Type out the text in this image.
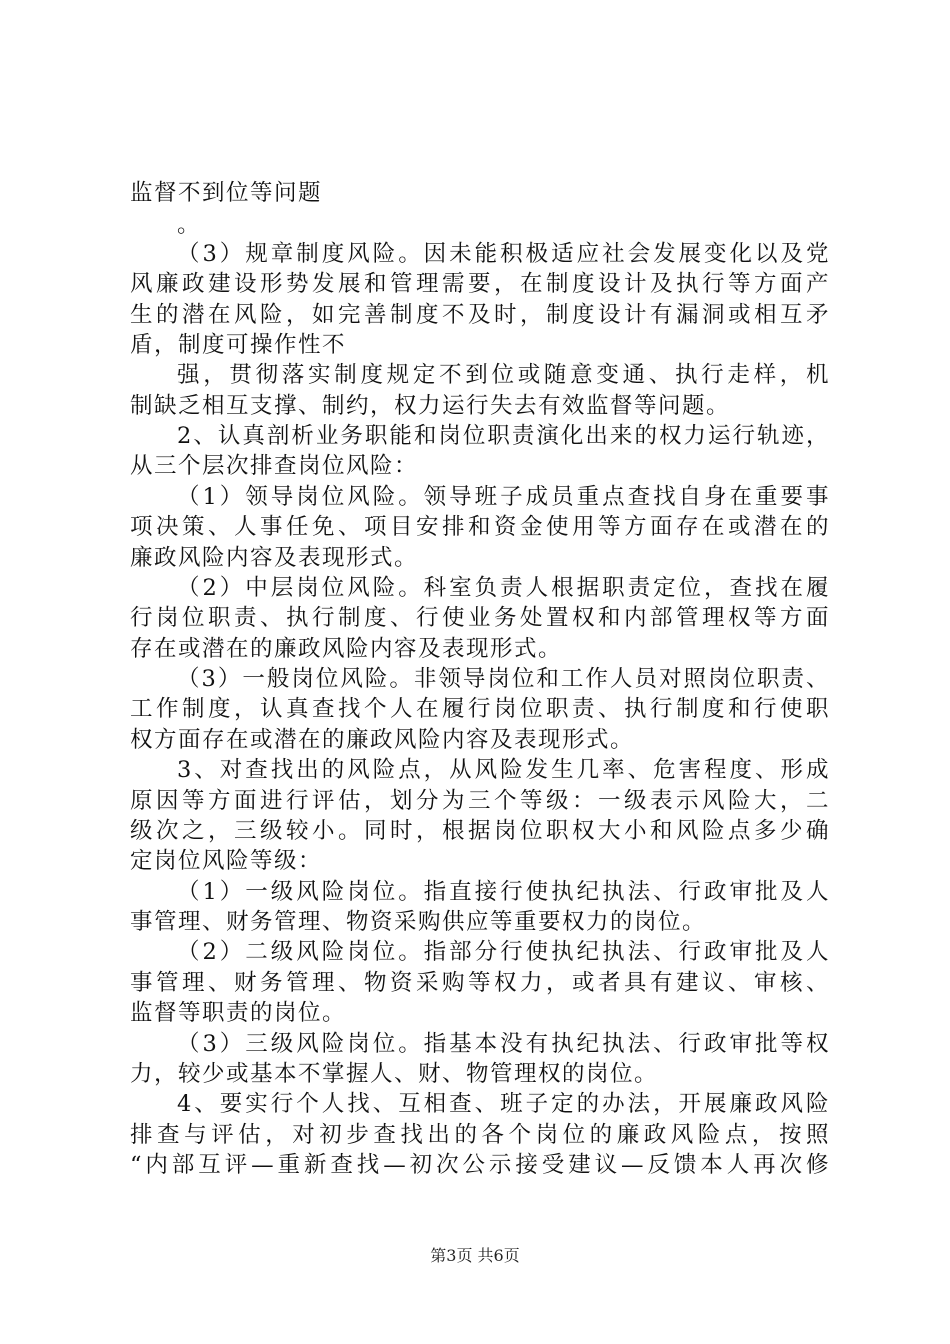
监督不到位等问题
。
（3）规章制度风险。因未能积极适应社会发展变化以及党
风廉政建设形势发展和管理需要，在制度设计及执行等方面产
生的潜在风险，如完善制度不及时，制度设计有漏洞或相互矛
盾，制度可操作性不
强，贯彻落实制度规定不到位或随意变通、执行走样，机
制缺乏相互支撑、制约，权力运行失去有效监督等问题。
2、认真剖析业务职能和岗位职责演化出来的权力运行轨迹，
从三个层次排查岗位风险：
（1）领导岗位风险。领导班子成员重点查找自身在重要事
项决策、人事任免、项目安排和资金使用等方面存在或潜在的
廉政风险内容及表现形式。
（2）中层岗位风险。科室负责人根据职责定位，查找在履
行岗位职责、执行制度、行使业务处置权和内部管理权等方面
存在或潜在的廉政风险内容及表现形式。
（3）一般岗位风险。非领导岗位和工作人员对照岗位职责、
工作制度，认真查找个人在履行岗位职责、执行制度和行使职
权方面存在或潜在的廉政风险内容及表现形式。
3、对查找出的风险点，从风险发生几率、危害程度、形成
原因等方面进行评估，划分为三个等级：一级表示风险大，二
级次之，三级较小。同时，根据岗位职权大小和风险点多少确
定岗位风险等级：
（1）一级风险岗位。指直接行使执纪执法、行政审批及人
事管理、财务管理、物资采购供应等重要权力的岗位。
（2）二级风险岗位。指部分行使执纪执法、行政审批及人
事管理、财务管理、物资采购等权力，或者具有建议、审核、
监督等职责的岗位。
（3）三级风险岗位。指基本没有执纪执法、行政审批等权
力，较少或基本不掌握人、财、物管理权的岗位。
4、要实行个人找、互相查、班子定的办法，开展廉政风险
排查与评估，对初步查找出的各个岗位的廉政风险点，按照
“内部互评—重新查找—初次公示接受建议—反馈本人再次修
第3页 共6页
